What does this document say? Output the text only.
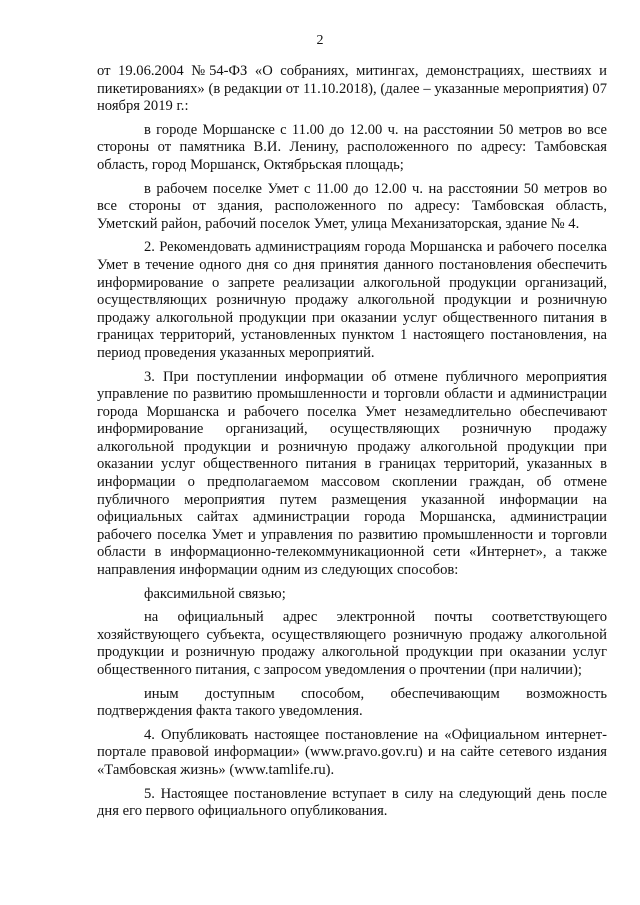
2

от 19.06.2004 №54-ФЗ «О собраниях, митингах, демонстрациях, шествиях и пикетированиях» (в редакции от 11.10.2018), (далее – указанные мероприятия) 07 ноября 2019 г.:

в городе Моршанске с 11.00 до 12.00 ч. на расстоянии 50 метров во все стороны от памятника В.И. Ленину, расположенного по адресу: Тамбовская область, город Моршанск, Октябрьская площадь;

в рабочем поселке Умет с 11.00 до 12.00 ч. на расстоянии 50 метров во все стороны от здания, расположенного по адресу: Тамбовская область, Уметский район, рабочий поселок Умет, улица Механизаторская, здание № 4.

2. Рекомендовать администрациям города Моршанска и рабочего поселка Умет в течение одного дня со дня принятия данного постановления обеспечить информирование о запрете реализации алкогольной продукции организаций, осуществляющих розничную продажу алкогольной продукции и розничную продажу алкогольной продукции при оказании услуг общественного питания в границах территорий, установленных пунктом 1 настоящего постановления, на период проведения указанных мероприятий.

3. При поступлении информации об отмене публичного мероприятия управление по развитию промышленности и торговли области и администрации города Моршанска и рабочего поселка Умет незамедлительно обеспечивают информирование организаций, осуществляющих розничную продажу алкогольной продукции и розничную продажу алкогольной продукции при оказании услуг общественного питания в границах территорий, указанных в информации о предполагаемом массовом скоплении граждан, об отмене публичного мероприятия путем размещения указанной информации на официальных сайтах администрации города Моршанска, администрации рабочего поселка Умет и управления по развитию промышленности и торговли области в информационно-телекоммуникационной сети «Интернет», а также направления информации одним из следующих способов:

факсимильной связью;

на официальный адрес электронной почты соответствующего хозяйствующего субъекта, осуществляющего розничную продажу алкогольной продукции и розничную продажу алкогольной продукции при оказании услуг общественного питания, с запросом уведомления о прочтении (при наличии);

иным доступным способом, обеспечивающим возможность подтверждения факта такого уведомления.

4. Опубликовать настоящее постановление на «Официальном интернет-портале правовой информации» (www.pravo.gov.ru) и на сайте сетевого издания «Тамбовская жизнь» (www.tamlife.ru).

5. Настоящее постановление вступает в силу на следующий день после дня его первого официального опубликования.
